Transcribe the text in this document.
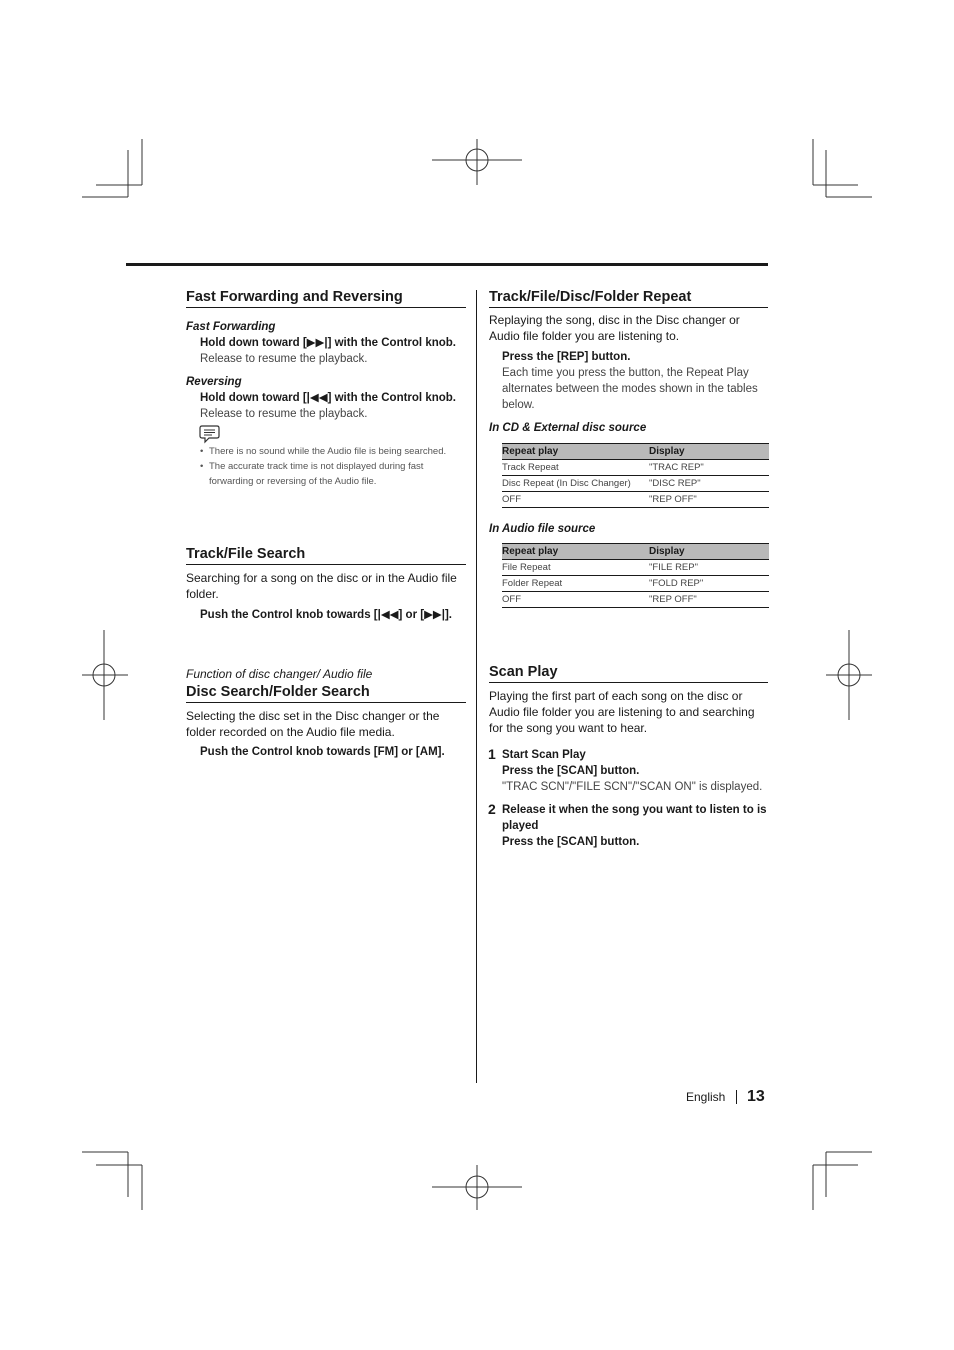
Fast Forwarding and Reversing
Fast Forwarding
Hold down toward [▶▶|] with the Control knob.
Release to resume the playback.
Reversing
Hold down toward [|◀◀] with the Control knob.
Release to resume the playback.
• There is no sound while the Audio file is being searched.
• The accurate track time is not displayed during fast forwarding or reversing of the Audio file.
Track/File Search
Searching for a song on the disc or in the Audio file folder.
Push the Control knob towards [|◀◀] or [▶▶|].
Function of disc changer/ Audio file
Disc Search/Folder Search
Selecting the disc set in the Disc changer or the folder recorded on the Audio file media.
Push the Control knob towards [FM] or [AM].
Track/File/Disc/Folder Repeat
Replaying the song, disc in the Disc changer or Audio file folder you are listening to.
Press the [REP] button.
Each time you press the button, the Repeat Play alternates between the modes shown in the tables below.
In CD & External disc source
Repeat play	Display
Track Repeat	"TRAC REP"
Disc Repeat (In Disc Changer)	"DISC REP"
OFF	"REP OFF"
In Audio file source
Repeat play	Display
File Repeat	"FILE REP"
Folder Repeat	"FOLD REP"
OFF	"REP OFF"
Scan Play
Playing the first part of each song on the disc or Audio file folder you are listening to and searching for the song you want to hear.
1 Start Scan Play
Press the [SCAN] button.
"TRAC SCN"/"FILE SCN"/"SCAN ON" is displayed.
2 Release it when the song you want to listen to is played
Press the [SCAN] button.
English 13
